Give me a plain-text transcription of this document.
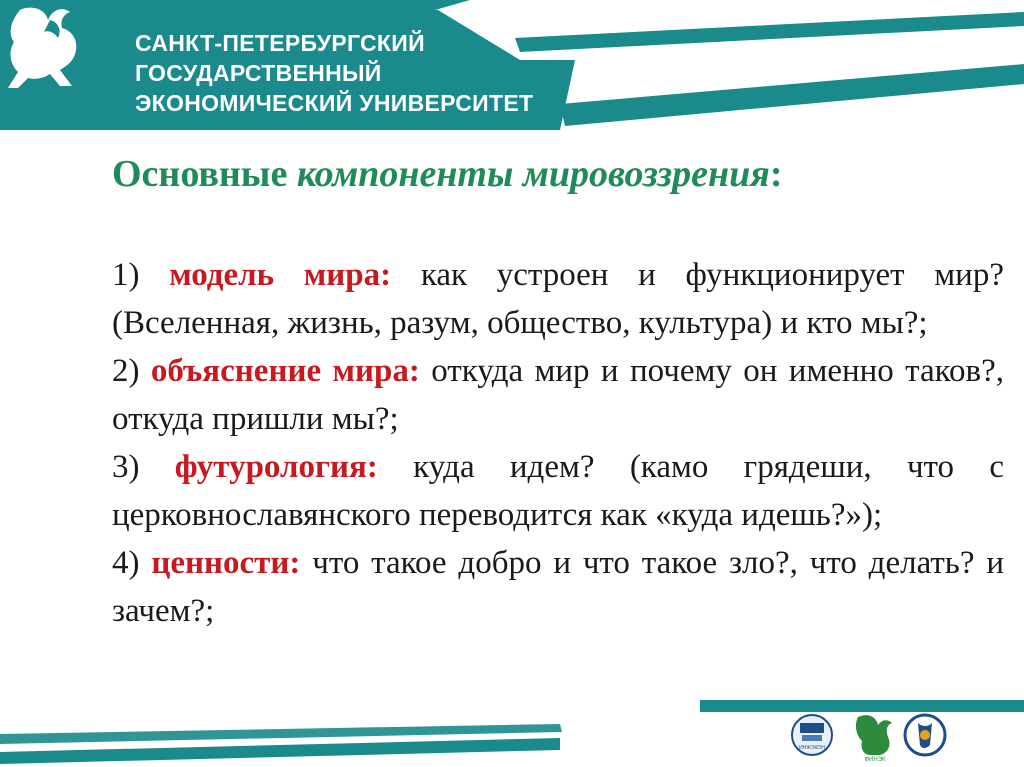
САНКТ-ПЕТЕРБУРГСКИЙ
ГОСУДАРСТВЕННЫЙ
ЭКОНОМИЧЕСКИЙ УНИВЕРСИТЕТ
Основные компоненты мировоззрения:

1) модель мира: как устроен и функционирует мир? (Вселенная, жизнь, разум, общество, культура) и кто мы?;

2) объяснение мира: откуда мир и почему он именно таков?, откуда пришли мы?;

3) футурология: куда идем? (камо грядеши, что с церковнославянского переводится как «куда идешь?»);

4) ценности: что такое добро и что такое зло?, что делать? и зачем?;

ИНЖЭКОН
ФИНЭК
